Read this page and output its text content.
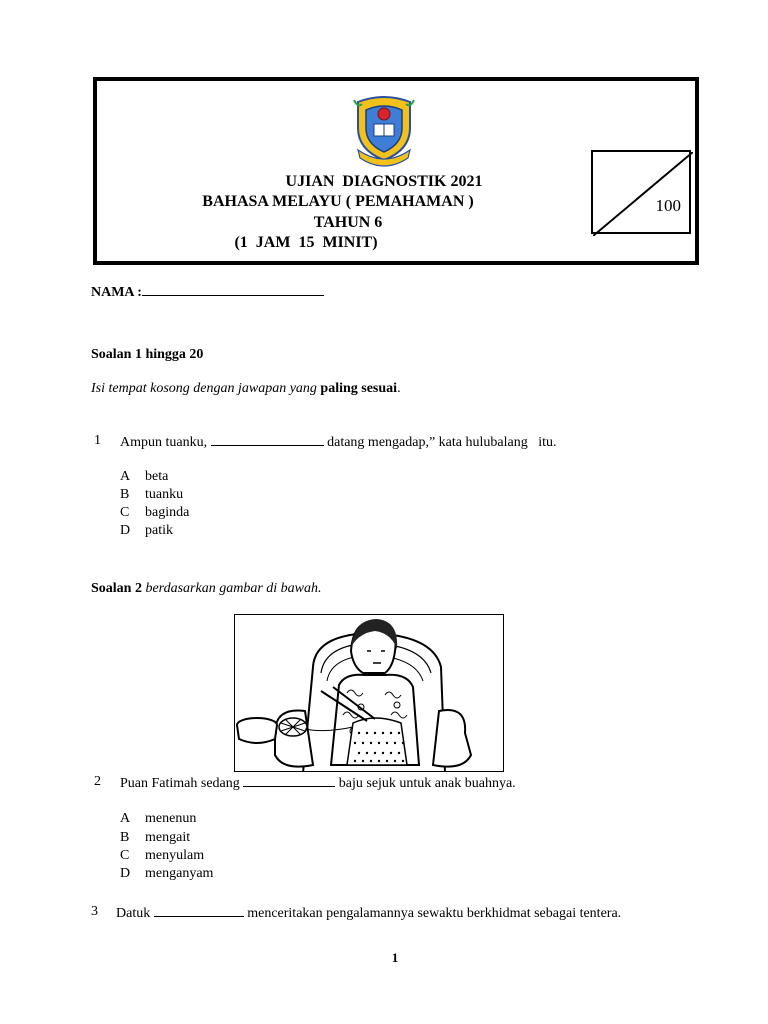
UJIAN  DIAGNOSTIK 2021
BAHASA MELAYU ( PEMAHAMAN )
TAHUN 6
(1  JAM  15  MINIT)
100
NAMA :
Soalan 1 hingga 20
Isi tempat kosong dengan jawapan yang paling sesuai.
1 Ampun tuanku,	datang mengadap,” kata hulubalang   itu.
A beta
B tuanku
C baginda
D patik
Soalan 2 berdasarkan gambar di bawah.
2 Puan Fatimah sedang	baju sejuk untuk anak buahnya.
A menenun
B mengait
C menyulam
D menganyam
3 Datuk	menceritakan pengalamannya sewaktu berkhidmat sebagai tentera.
1
